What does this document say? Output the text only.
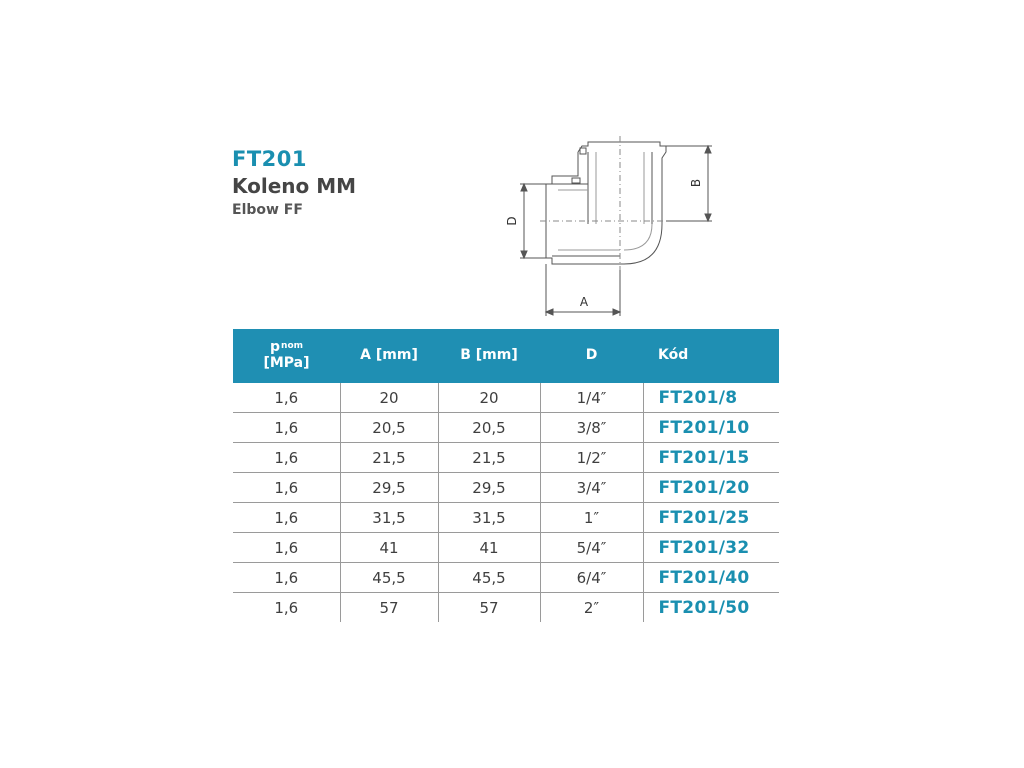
FT201
Koleno MM
Elbow FF
B
D
A
$p_{nom}$
[MPa]	A [mm]	B [mm]	D	Kód
1,6	20	20	1/4″	FT201/8
1,6	20,5	20,5	3/8″	FT201/10
1,6	21,5	21,5	1/2″	FT201/15
1,6	29,5	29,5	3/4″	FT201/20
1,6	31,5	31,5	1″	FT201/25
1,6	41	41	5/4″	FT201/32
1,6	45,5	45,5	6/4″	FT201/40
1,6	57	57	2″	FT201/50
